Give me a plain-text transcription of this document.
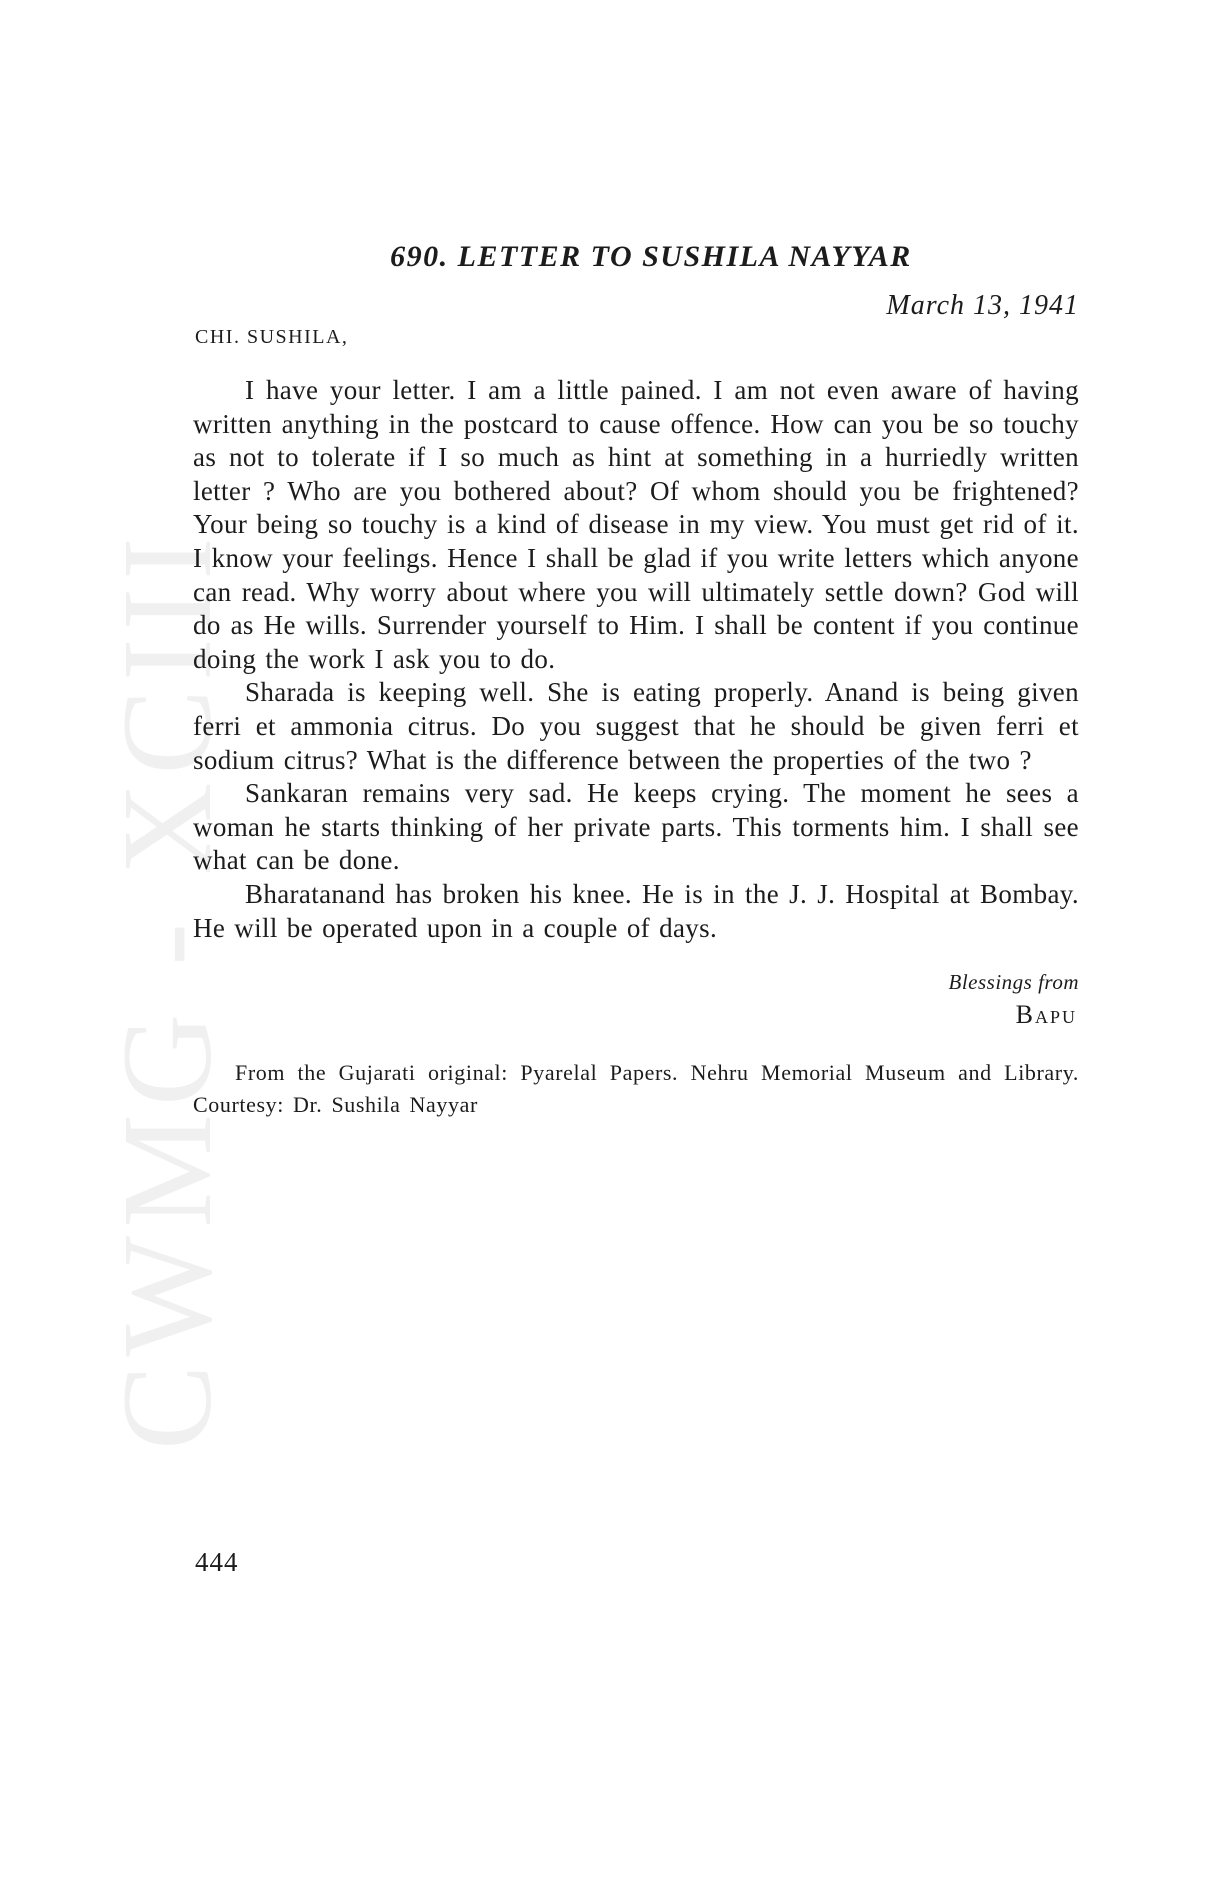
CWMG - XCIII
690. LETTER TO SUSHILA NAYYAR
March 13, 1941
CHI. SUSHILA,

I have your letter. I am a little pained. I am not even aware of having written anything in the postcard to cause offence. How can you be so touchy as not to tolerate if I so much as hint at something in a hurriedly written letter ? Who are you bothered about? Of whom should you be frightened? Your being so touchy is a kind of disease in my view. You must get rid of it. I know your feelings. Hence I shall be glad if you write letters which anyone can read. Why worry about where you will ultimately settle down? God will do as He wills. Surrender yourself to Him. I shall be content if you continue doing the work I ask you to do.

Sharada is keeping well. She is eating properly. Anand is being given ferri et ammonia citrus. Do you suggest that he should be given ferri et sodium citrus? What is the difference between the properties of the two ?

Sankaran remains very sad. He keeps crying. The moment he sees a woman he starts thinking of her private parts. This torments him. I shall see what can be done.

Bharatanand has broken his knee. He is in the J. J. Hospital at Bombay. He will be operated upon in a couple of days.

Blessings from
Bapu
From the Gujarati original: Pyarelal Papers. Nehru Memorial Museum and Library. Courtesy: Dr. Sushila Nayyar
444
